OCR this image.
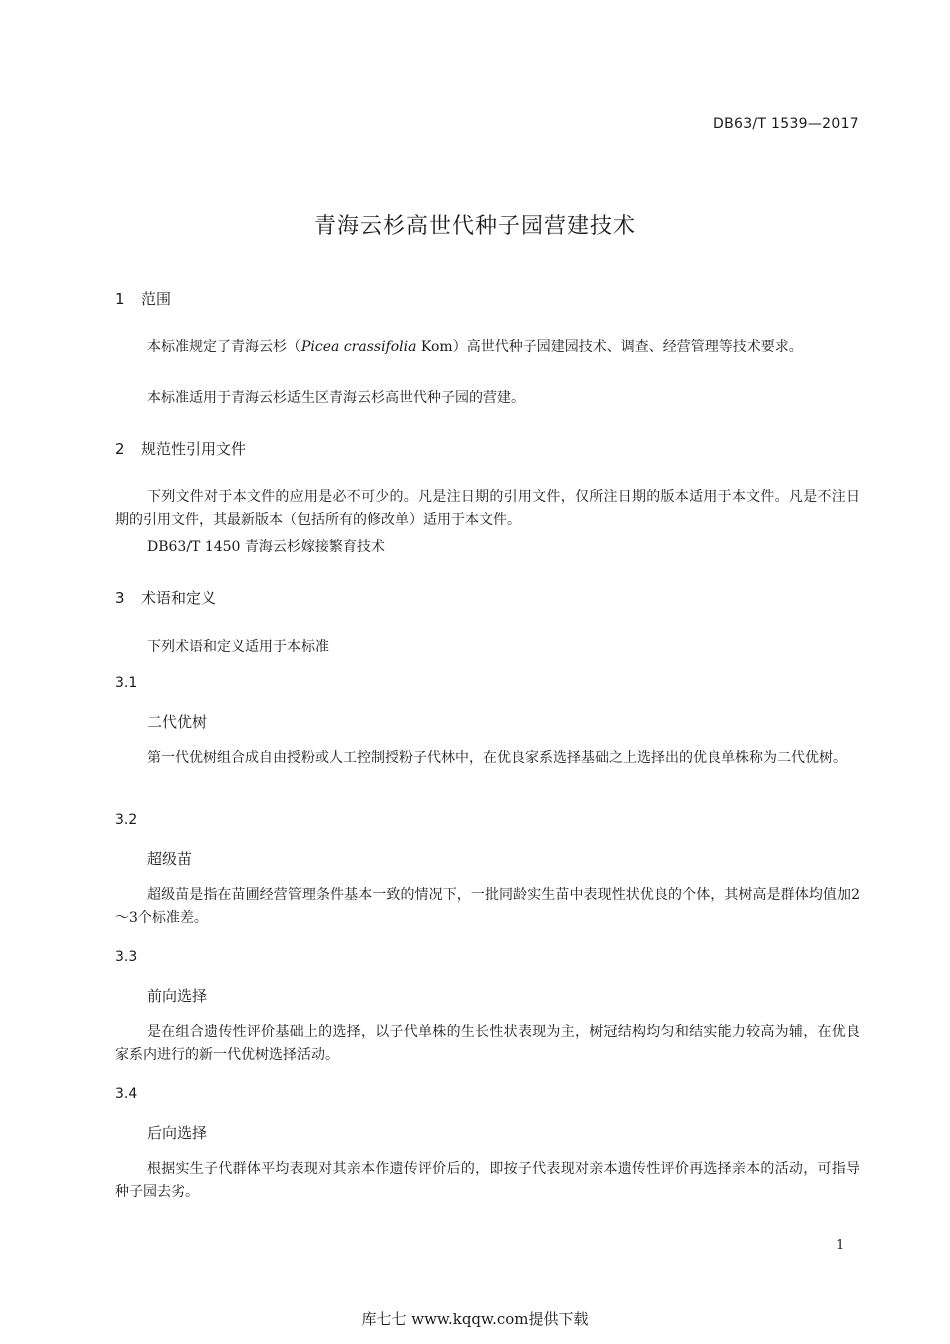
DB63/T 1539—2017
青海云杉高世代种子园营建技术
1 范围
本标准规定了青海云杉（Picea crassifolia Kom）高世代种子园建园技术、调查、经营管理等技术要求。
本标准适用于青海云杉适生区青海云杉高世代种子园的营建。
2 规范性引用文件
下列文件对于本文件的应用是必不可少的。凡是注日期的引用文件，仅所注日期的版本适用于本文件。凡是不注日期的引用文件，其最新版本（包括所有的修改单）适用于本文件。
DB63/T 1450 青海云杉嫁接繁育技术
3 术语和定义
下列术语和定义适用于本标准
3.1
二代优树
第一代优树组合成自由授粉或人工控制授粉子代林中，在优良家系选择基础之上选择出的优良单株称为二代优树。
3.2
超级苗
超级苗是指在苗圃经营管理条件基本一致的情况下，一批同龄实生苗中表现性状优良的个体，其树高是群体均值加2～3个标准差。
3.3
前向选择
是在组合遗传性评价基础上的选择，以子代单株的生长性状表现为主，树冠结构均匀和结实能力较高为辅，在优良家系内进行的新一代优树选择活动。
3.4
后向选择
根据实生子代群体平均表现对其亲本作遗传评价后的，即按子代表现对亲本遗传性评价再选择亲本的活动，可指导种子园去劣。
1
库七七 www.kqqw.com提供下载
